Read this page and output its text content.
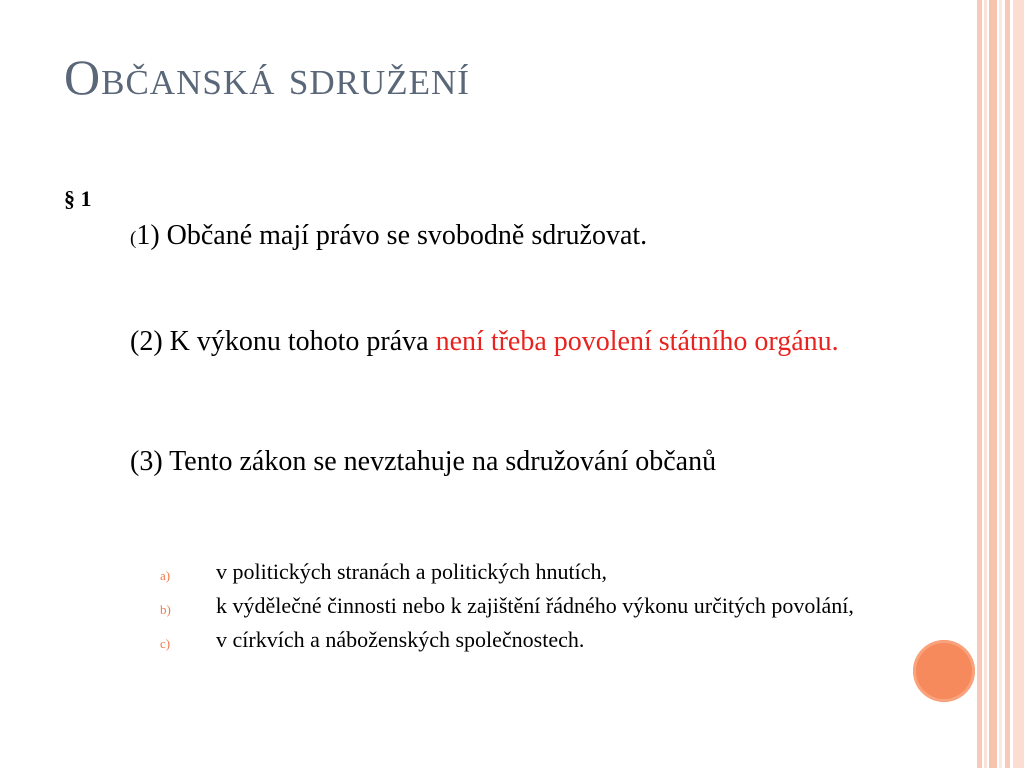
Občanská sdružení
§ 1
(1) Občané mají právo se svobodně sdružovat.
(2) K výkonu tohoto práva není třeba povolení státního orgánu.
(3) Tento zákon se nevztahuje na sdružování občanů
a) v politických stranách a politických hnutích,
b) k výdělečné činnosti nebo k zajištění řádného výkonu určitých povolání,
c) v církvích a náboženských společnostech.
